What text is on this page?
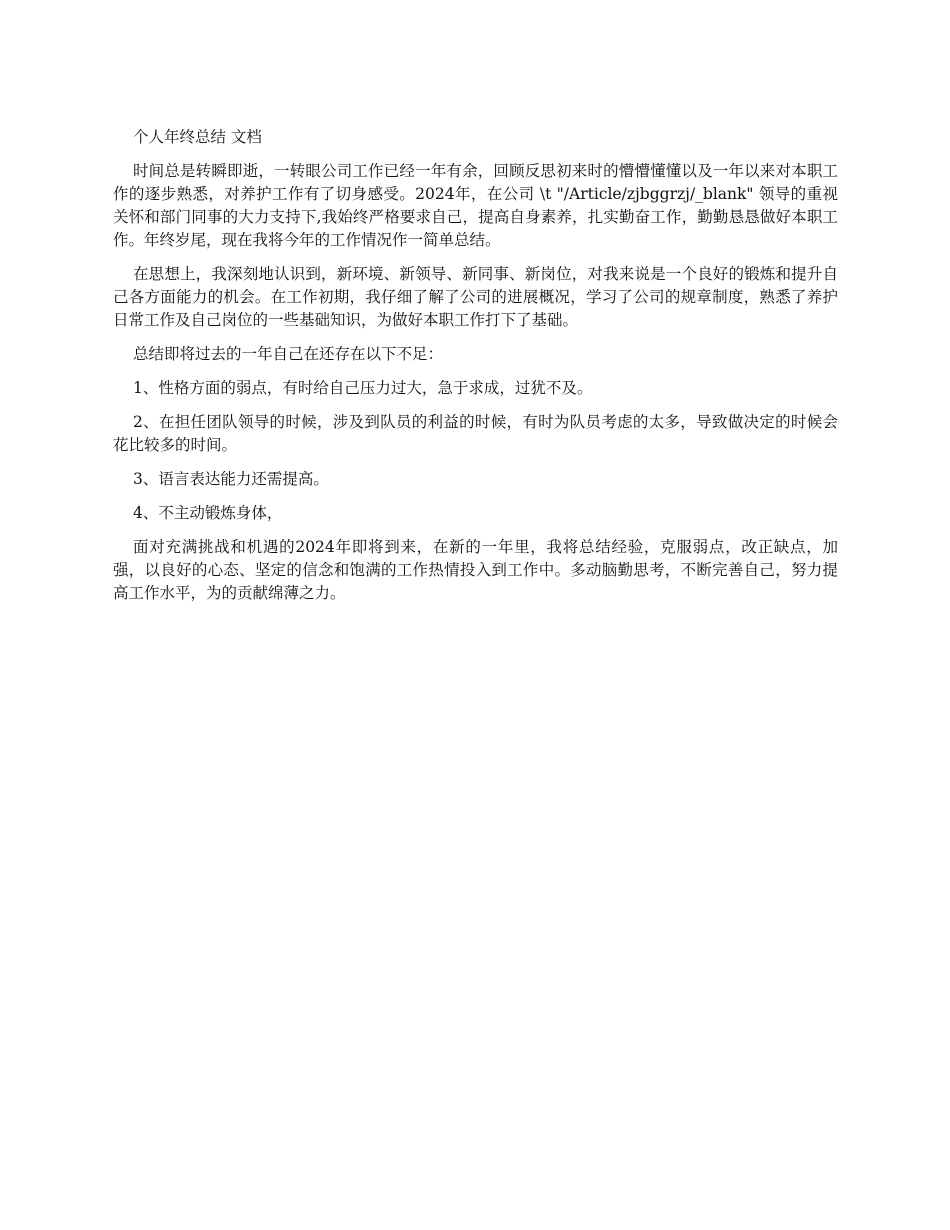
个人年终总结 文档

时间总是转瞬即逝，一转眼公司工作已经一年有余，回顾反思初来时的懵懵懂懂以及一年以来对本职工作的逐步熟悉，对养护工作有了切身感受。2024年，在公司 \t "/Article/zjbggrzj/_blank" 领导的重视关怀和部门同事的大力支持下,我始终严格要求自己，提高自身素养，扎实勤奋工作，勤勤恳恳做好本职工作。年终岁尾，现在我将今年的工作情况作一简单总结。

在思想上，我深刻地认识到，新环境、新领导、新同事、新岗位，对我来说是一个良好的锻炼和提升自己各方面能力的机会。在工作初期，我仔细了解了公司的进展概况，学习了公司的规章制度，熟悉了养护日常工作及自己岗位的一些基础知识，为做好本职工作打下了基础。

总结即将过去的一年自己在还存在以下不足：

1、性格方面的弱点，有时给自己压力过大，急于求成，过犹不及。

2、在担任团队领导的时候，涉及到队员的利益的时候，有时为队员考虑的太多，导致做决定的时候会花比较多的时间。

3、语言表达能力还需提高。

4、不主动锻炼身体，

面对充满挑战和机遇的2024年即将到来，在新的一年里，我将总结经验，克服弱点，改正缺点，加强，以良好的心态、坚定的信念和饱满的工作热情投入到工作中。多动脑勤思考，不断完善自己，努力提高工作水平，为的贡献绵薄之力。
